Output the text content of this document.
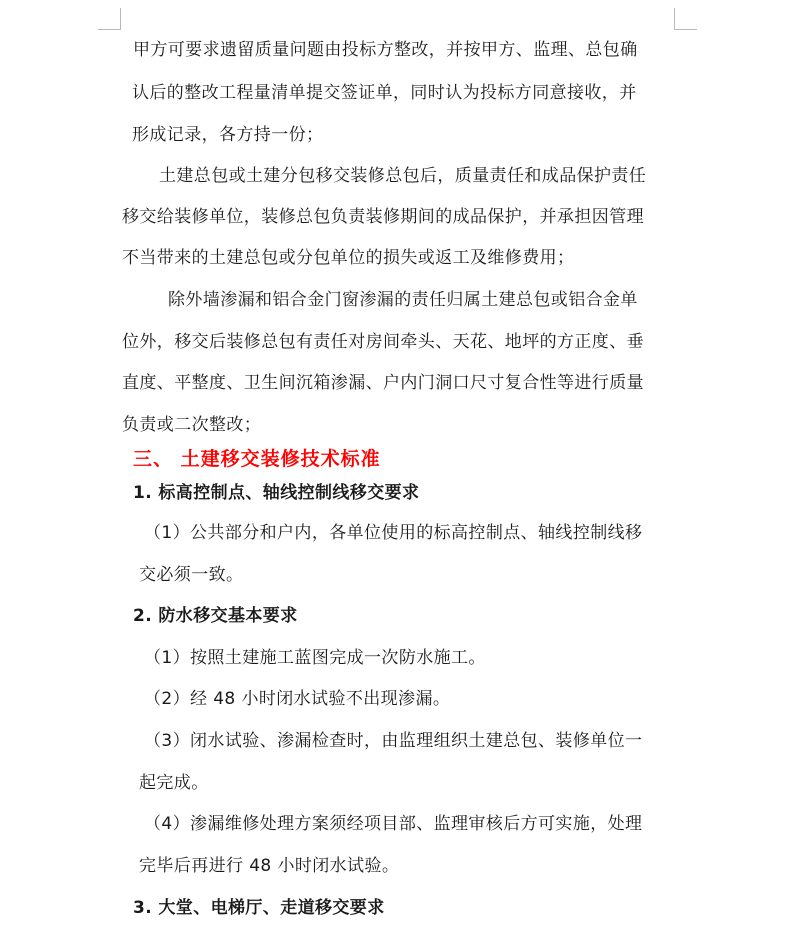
甲方可要求遗留质量问题由投标方整改，并按甲方、监理、总包确
认后的整改工程量清单提交签证单，同时认为投标方同意接收，并
形成记录，各方持一份；
土建总包或土建分包移交装修总包后，质量责任和成品保护责任
移交给装修单位，装修总包负责装修期间的成品保护，并承担因管理
不当带来的土建总包或分包单位的损失或返工及维修费用；
除外墙渗漏和铝合金门窗渗漏的责任归属土建总包或铝合金单
位外，移交后装修总包有责任对房间牵头、天花、地坪的方正度、垂
直度、平整度、卫生间沉箱渗漏、户内门洞口尺寸复合性等进行质量
负责或二次整改；
三、 土建移交装修技术标准
1. 标高控制点、轴线控制线移交要求
（1）公共部分和户内，各单位使用的标高控制点、轴线控制线移
交必须一致。
2. 防水移交基本要求
（1）按照土建施工蓝图完成一次防水施工。
（2）经 48 小时闭水试验不出现渗漏。
（3）闭水试验、渗漏检查时，由监理组织土建总包、装修单位一
起完成。
（4）渗漏维修处理方案须经项目部、监理审核后方可实施，处理
完毕后再进行 48 小时闭水试验。
3. 大堂、电梯厅、走道移交要求
